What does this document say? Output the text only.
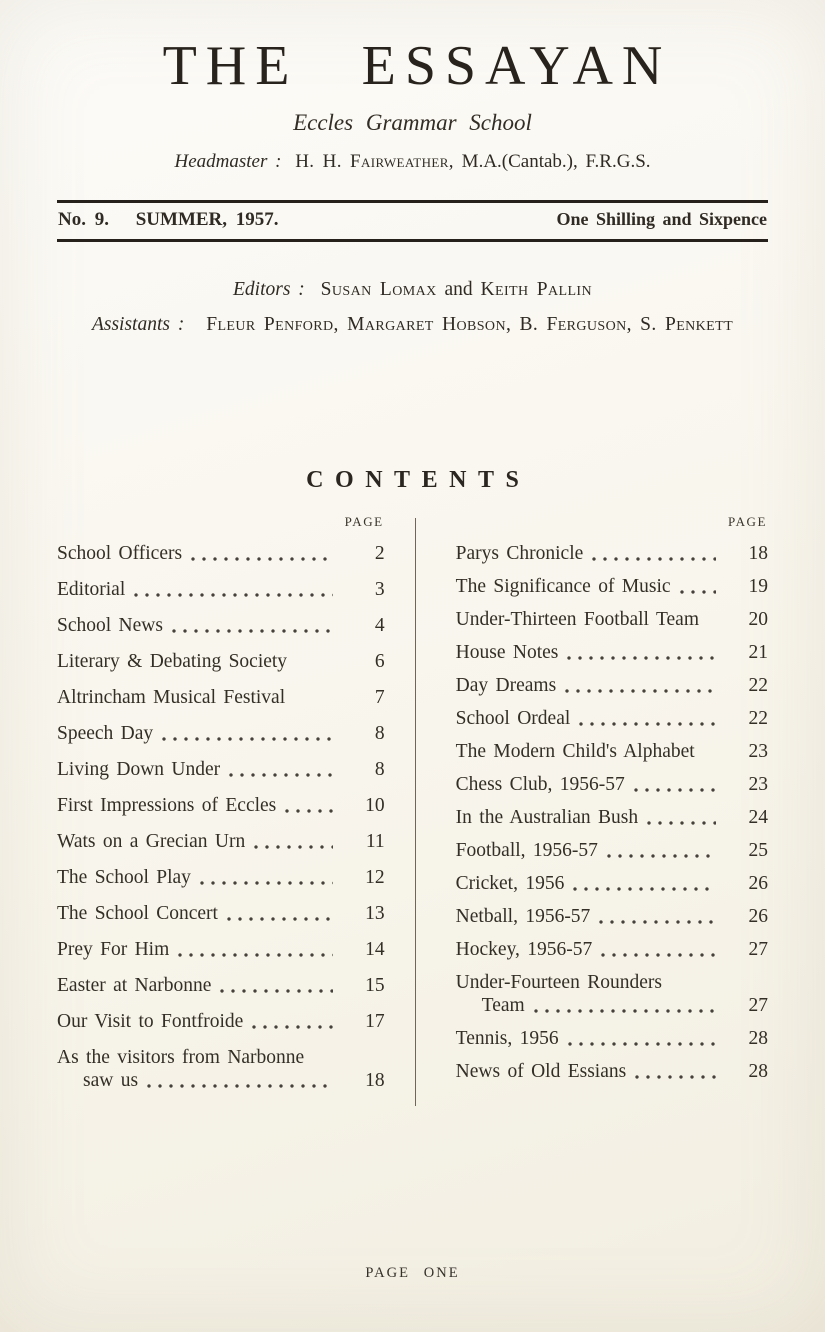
THE ESSAYAN
Eccles Grammar School
Headmaster : H. H. Fairweather, M.A.(Cantab.), F.R.G.S.
No. 9. SUMMER, 1957.	One Shilling and Sixpence
Editors : Susan Lomax and Keith Pallin
Assistants : Fleur Penford, Margaret Hobson, B. Ferguson, S. Penkett
CONTENTS
PAGE
School Officers	2
Editorial	3
School News	4
Literary & Debating Society	6
Altrincham Musical Festival	7
Speech Day	8
Living Down Under	8
First Impressions of Eccles	10
Wats on a Grecian Urn	11
The School Play	12
The School Concert	13
Prey For Him	14
Easter at Narbonne	15
Our Visit to Fontfroide	17
As the visitors from Narbonne
saw us	18
PAGE
Parys Chronicle	18
The Significance of Music	19
Under-Thirteen Football Team	20
House Notes	21
Day Dreams	22
School Ordeal	22
The Modern Child's Alphabet	23
Chess Club, 1956-57	23
In the Australian Bush	24
Football, 1956-57	25
Cricket, 1956	26
Netball, 1956-57	26
Hockey, 1956-57	27
Under-Fourteen Rounders
Team	27
Tennis, 1956	28
News of Old Essians	28
PAGE ONE
